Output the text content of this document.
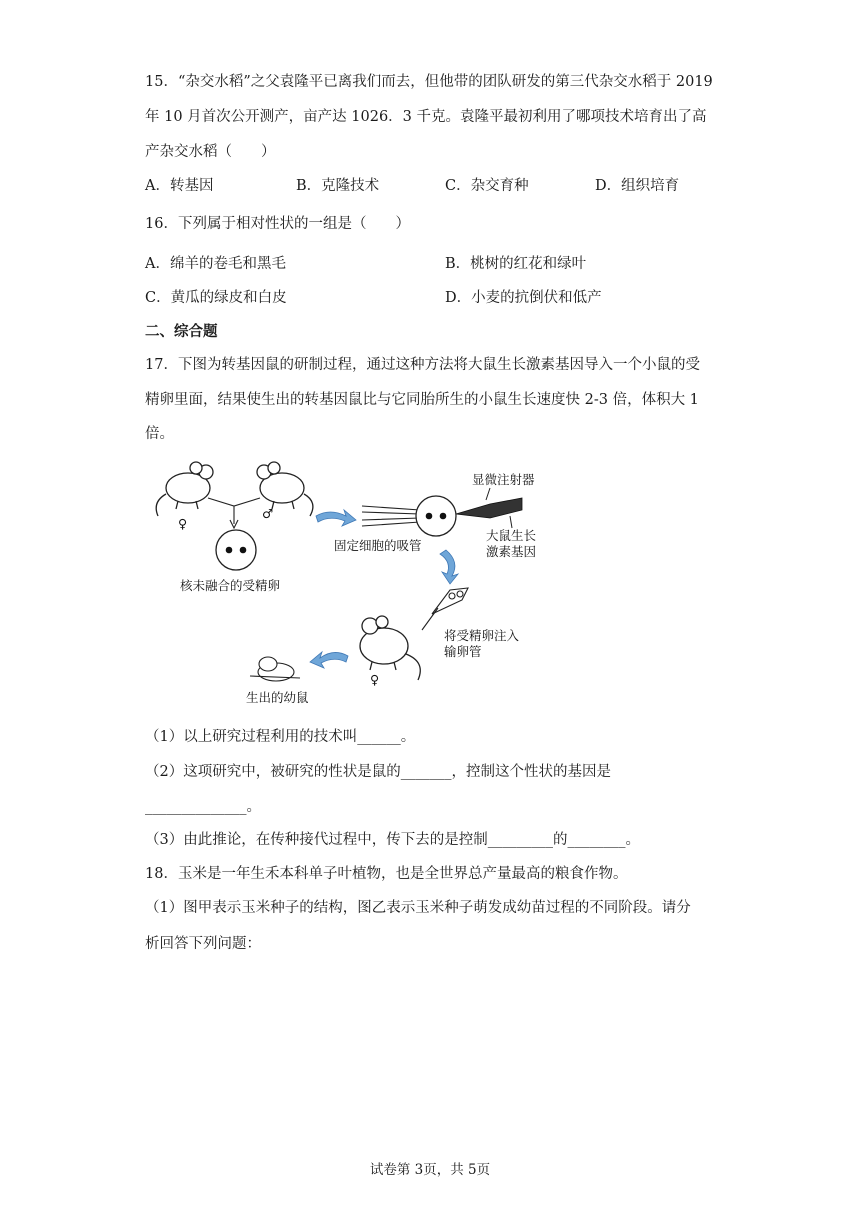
15．“杂交水稻”之父袁隆平已离我们而去，但他带的团队研发的第三代杂交水稻于 2019
年 10 月首次公开测产，亩产达 1026．3 千克。袁隆平最初利用了哪项技术培育出了高
产杂交水稻（　　）
A．转基因	B．克隆技术	C．杂交育种	D．组织培育
16．下列属于相对性状的一组是（　　）
A．绵羊的卷毛和黑毛	B．桃树的红花和绿叶
C．黄瓜的绿皮和白皮	D．小麦的抗倒伏和低产
二、综合题
17．下图为转基因鼠的研制过程，通过这种方法将大鼠生长激素基因导入一个小鼠的受
精卵里面，结果使生出的转基因鼠比与它同胎所生的小鼠生长速度快 2-3 倍，体积大 1
倍。
♀
♂
核未融合的受精卵
固定细胞的吸管
显微注射器
大鼠生长
激素基因
♀
将受精卵注入
输卵管
生出的幼鼠
（1）以上研究过程利用的技术叫______。
（2）这项研究中，被研究的性状是鼠的_______，控制这个性状的基因是
______________。
（3）由此推论，在传种接代过程中，传下去的是控制_________的________。
18．玉米是一年生禾本科单子叶植物，也是全世界总产量最高的粮食作物。
（1）图甲表示玉米种子的结构，图乙表示玉米种子萌发成幼苗过程的不同阶段。请分
析回答下列问题：
试卷第 3页，共 5页
